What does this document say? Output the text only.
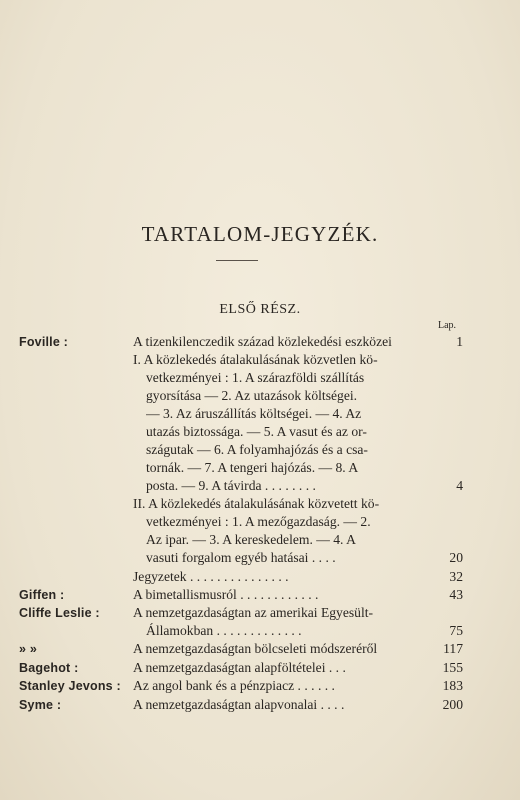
TARTALOM-JEGYZÉK.
ELSŐ RÉSZ.
Lap.
Foville :	A tizenkilenczedik század közlekedési eszközei	1
I. A közlekedés átalakulásának közvetlen kö-
vetkezményei : 1. A szárazföldi szállítás
gyorsítása — 2. Az utazások költségei.
— 3. Az áruszállítás költségei. — 4. Az
utazás biztossága. — 5. A vasut és az or-
szágutak — 6. A folyamhajózás és a csa-
tornák. — 7. A tengeri hajózás. — 8. A
posta. — 9. A távirda . . . . . . . .	4
II. A közlekedés átalakulásának közvetett kö-
vetkezményei : 1. A mezőgazdaság. — 2.
Az ipar. — 3. A kereskedelem. — 4. A
vasuti forgalom egyéb hatásai . . . .	20
Jegyzetek . . . . . . . . . . . . . . .	32
Giffen :	A bimetallismusról . . . . . . . . . . . .	43
Cliffe Leslie : A nemzetgazdaságtan az amerikai Egyesült-
Államokban . . . . . . . . . . . . .	75
» »	A nemzetgazdaságtan bölcseleti módszeréről	117
Bagehot :	A nemzetgazdaságtan alapföltételei . . .	155
Stanley Jevons : Az angol bank és a pénzpiacz . . . . . .	183
Syme :	A nemzetgazdaságtan alapvonalai . . . .	200
